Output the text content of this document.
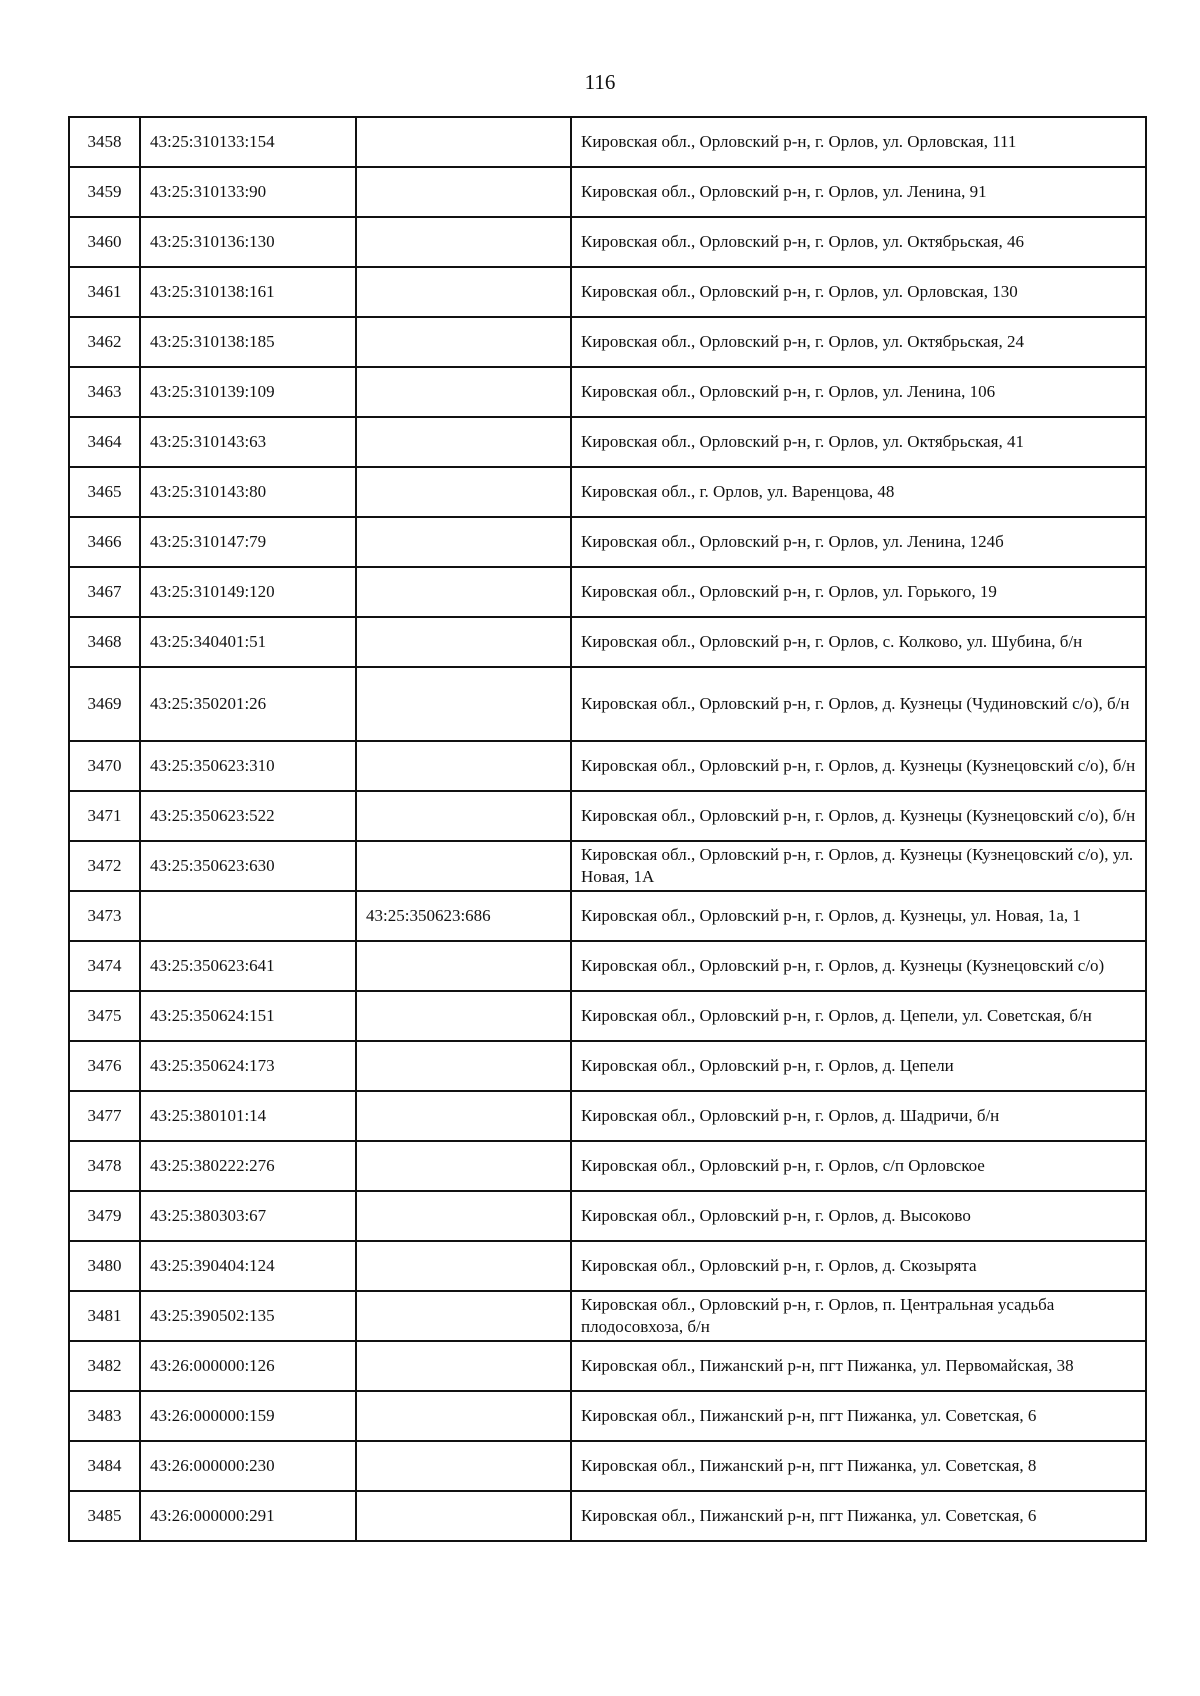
116
3458	43:25:310133:154		Кировская обл., Орловский р-н, г. Орлов, ул. Орловская, 111
3459	43:25:310133:90		Кировская обл., Орловский р-н, г. Орлов, ул. Ленина, 91
3460	43:25:310136:130		Кировская обл., Орловский р-н, г. Орлов, ул. Октябрьская, 46
3461	43:25:310138:161		Кировская обл., Орловский р-н, г. Орлов, ул. Орловская, 130
3462	43:25:310138:185		Кировская обл., Орловский р-н, г. Орлов, ул. Октябрьская, 24
3463	43:25:310139:109		Кировская обл., Орловский р-н, г. Орлов, ул. Ленина, 106
3464	43:25:310143:63		Кировская обл., Орловский р-н, г. Орлов, ул. Октябрьская, 41
3465	43:25:310143:80		Кировская обл., г. Орлов, ул. Варенцова, 48
3466	43:25:310147:79		Кировская обл., Орловский р-н, г. Орлов, ул. Ленина, 124б
3467	43:25:310149:120		Кировская обл., Орловский р-н, г. Орлов, ул. Горького, 19
3468	43:25:340401:51		Кировская обл., Орловский р-н, г. Орлов, с. Колково, ул. Шубина, б/н
3469	43:25:350201:26		Кировская обл., Орловский р-н, г. Орлов, д. Кузнецы (Чудиновский с/о), б/н
3470	43:25:350623:310		Кировская обл., Орловский р-н, г. Орлов, д. Кузнецы (Кузнецовский с/о), б/н
3471	43:25:350623:522		Кировская обл., Орловский р-н, г. Орлов, д. Кузнецы (Кузнецовский с/о), б/н
3472	43:25:350623:630		Кировская обл., Орловский р-н, г. Орлов, д. Кузнецы (Кузнецовский с/о), ул. Новая, 1А
3473		43:25:350623:686	Кировская обл., Орловский р-н, г. Орлов, д. Кузнецы, ул. Новая, 1а, 1
3474	43:25:350623:641		Кировская обл., Орловский р-н, г. Орлов, д. Кузнецы (Кузнецовский с/о)
3475	43:25:350624:151		Кировская обл., Орловский р-н, г. Орлов, д. Цепели, ул. Советская, б/н
3476	43:25:350624:173		Кировская обл., Орловский р-н, г. Орлов, д. Цепели
3477	43:25:380101:14		Кировская обл., Орловский р-н, г. Орлов, д. Шадричи, б/н
3478	43:25:380222:276		Кировская обл., Орловский р-н, г. Орлов, с/п Орловское
3479	43:25:380303:67		Кировская обл., Орловский р-н, г. Орлов, д. Высоково
3480	43:25:390404:124		Кировская обл., Орловский р-н, г. Орлов, д. Скозырята
3481	43:25:390502:135		Кировская обл., Орловский р-н, г. Орлов, п. Центральная усадьба плодосовхоза, б/н
3482	43:26:000000:126		Кировская обл., Пижанский р-н, пгт Пижанка, ул. Первомайская, 38
3483	43:26:000000:159		Кировская обл., Пижанский р-н, пгт Пижанка, ул. Советская, 6
3484	43:26:000000:230		Кировская обл., Пижанский р-н, пгт Пижанка, ул. Советская, 8
3485	43:26:000000:291		Кировская обл., Пижанский р-н, пгт Пижанка, ул. Советская, 6
